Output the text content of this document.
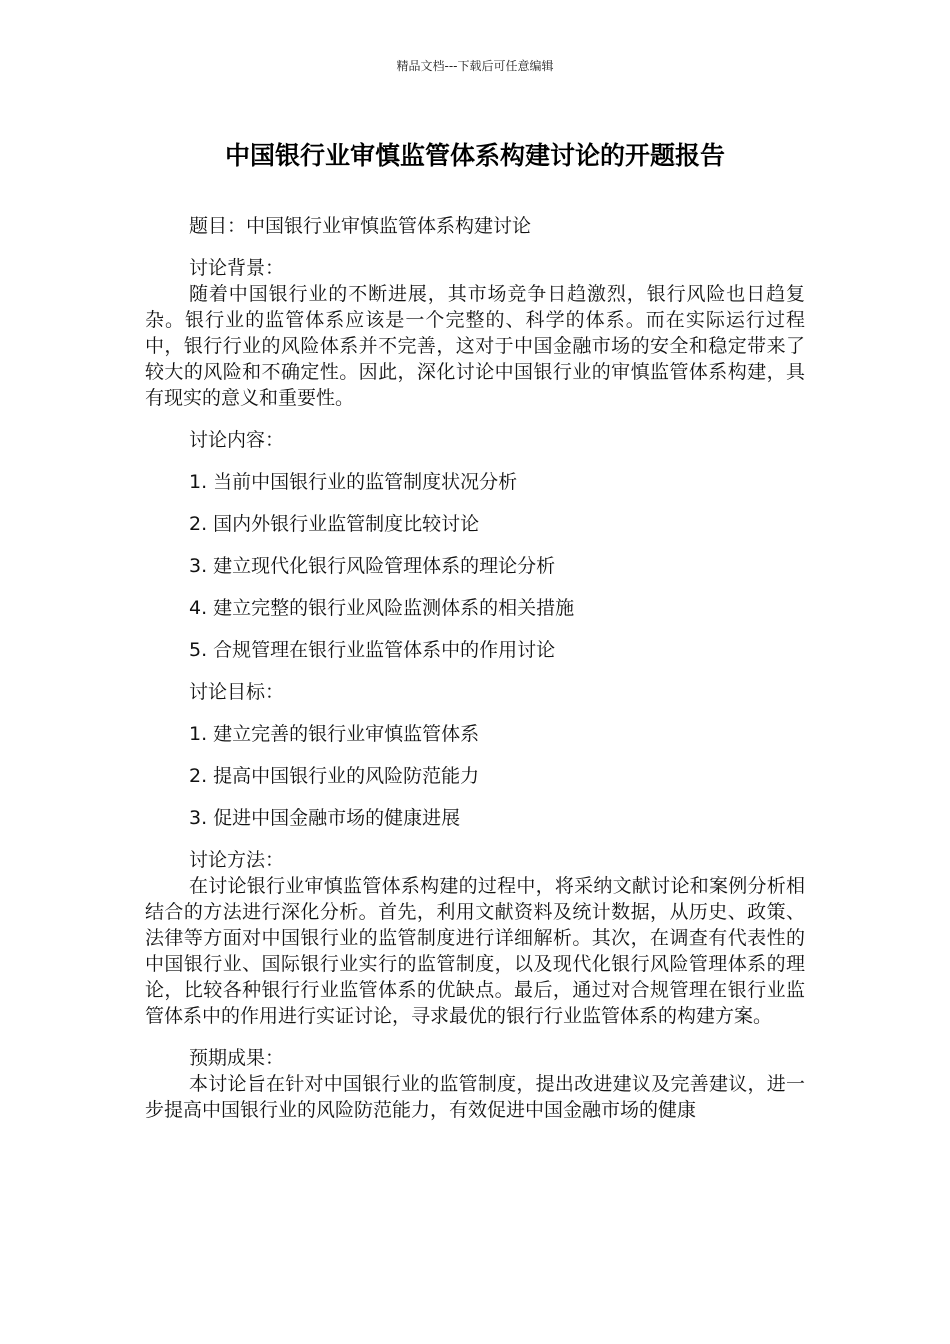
精品文档---下载后可任意编辑
中国银行业审慎监管体系构建讨论的开题报告

题目：中国银行业审慎监管体系构建讨论

讨论背景：

随着中国银行业的不断进展，其市场竞争日趋激烈，银行风险也日趋复杂。银行业的监管体系应该是一个完整的、科学的体系。而在实际运行过程中，银行行业的风险体系并不完善，这对于中国金融市场的安全和稳定带来了较大的风险和不确定性。因此，深化讨论中国银行业的审慎监管体系构建，具有现实的意义和重要性。

讨论内容：

1. 当前中国银行业的监管制度状况分析

2. 国内外银行业监管制度比较讨论

3. 建立现代化银行风险管理体系的理论分析

4. 建立完整的银行业风险监测体系的相关措施

5. 合规管理在银行业监管体系中的作用讨论

讨论目标：

1. 建立完善的银行业审慎监管体系

2. 提高中国银行业的风险防范能力

3. 促进中国金融市场的健康进展

讨论方法：

在讨论银行业审慎监管体系构建的过程中，将采纳文献讨论和案例分析相结合的方法进行深化分析。首先，利用文献资料及统计数据，从历史、政策、法律等方面对中国银行业的监管制度进行详细解析。其次，在调查有代表性的中国银行业、国际银行业实行的监管制度，以及现代化银行风险管理体系的理论，比较各种银行行业监管体系的优缺点。最后，通过对合规管理在银行业监管体系中的作用进行实证讨论，寻求最优的银行行业监管体系的构建方案。

预期成果：

本讨论旨在针对中国银行业的监管制度，提出改进建议及完善建议，进一步提高中国银行业的风险防范能力，有效促进中国金融市场的健康
